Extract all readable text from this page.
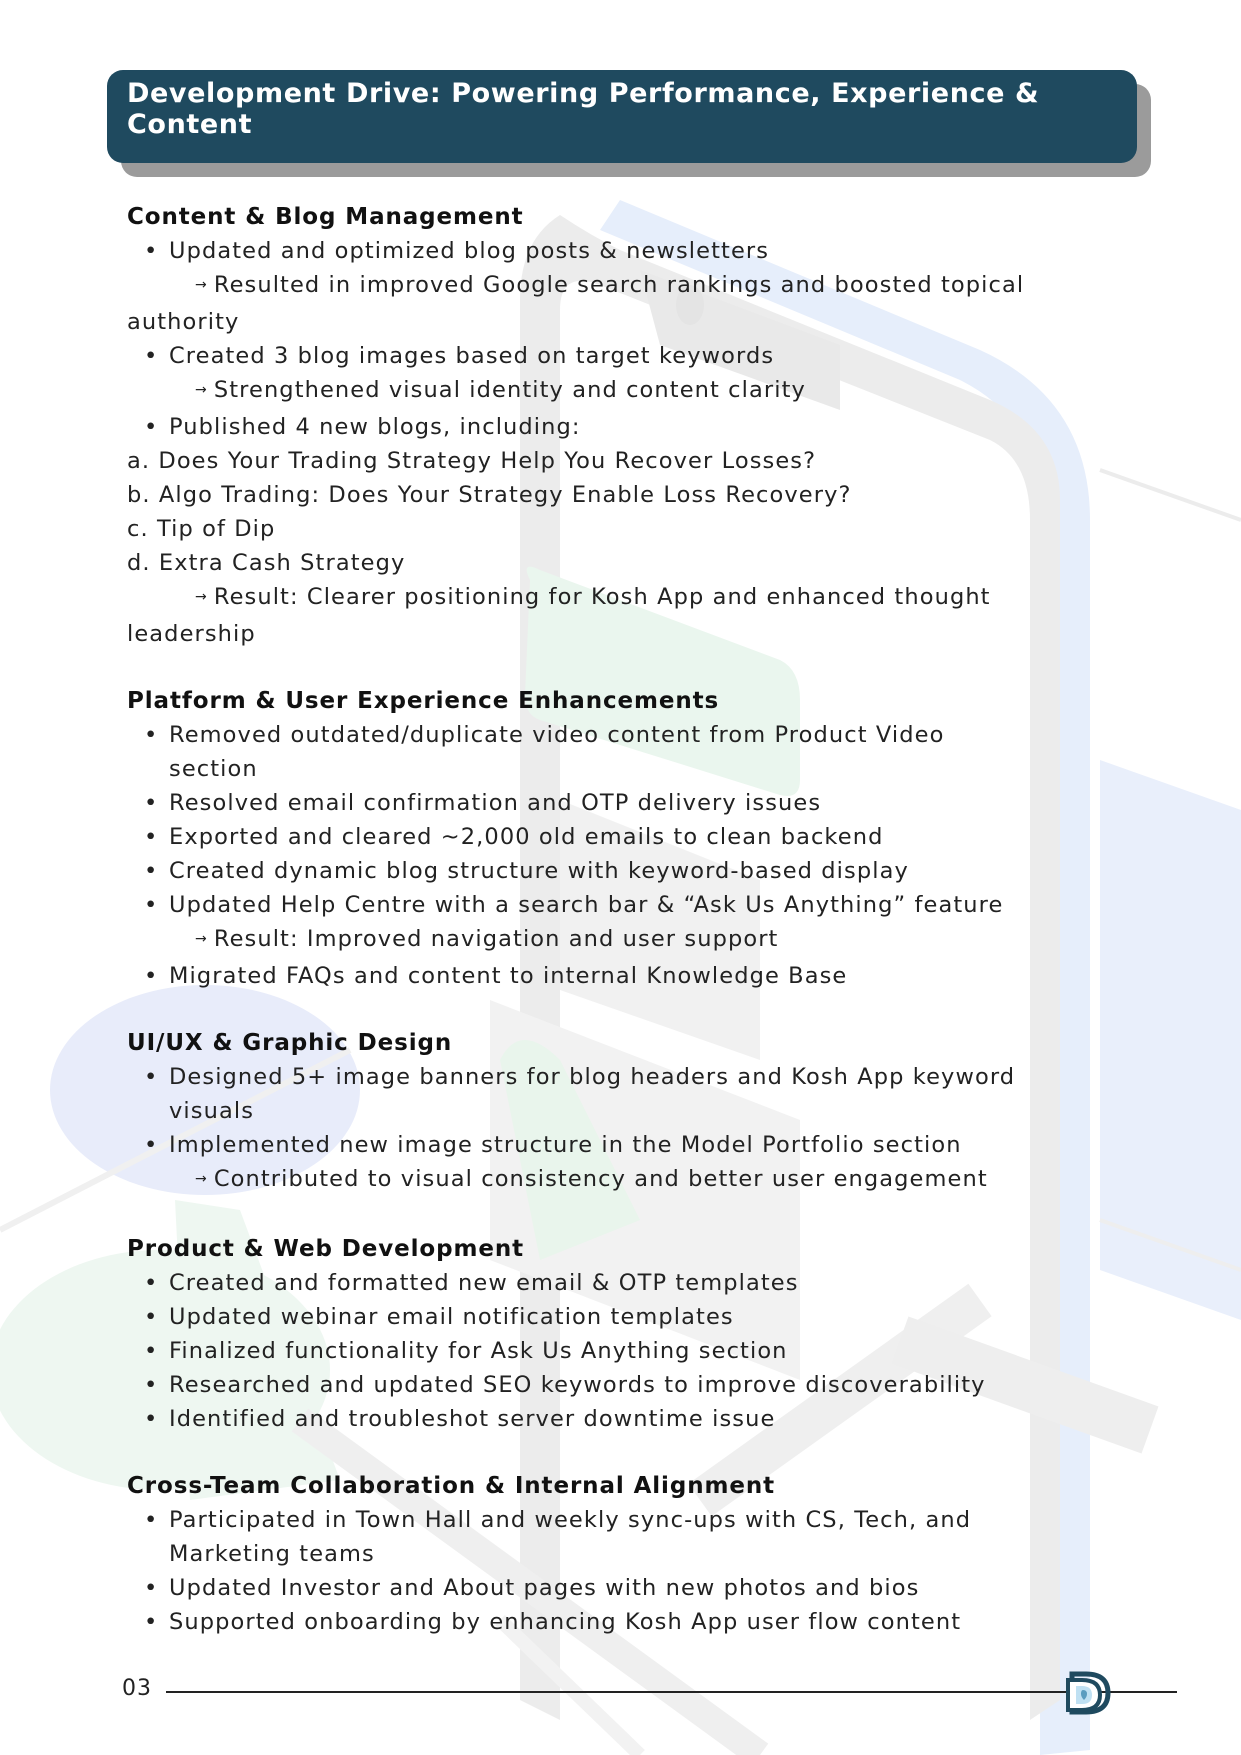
Development Drive: Powering Performance, Experience &
Content
Content & Blog Management

• Updated and optimized blog posts & newsletters

→ Resulted in improved Google search rankings and boosted topical

authority

• Created 3 blog images based on target keywords

→ Strengthened visual identity and content clarity

• Published 4 new blogs, including:

a. Does Your Trading Strategy Help You Recover Losses?

b. Algo Trading: Does Your Strategy Enable Loss Recovery?

c. Tip of Dip

d. Extra Cash Strategy

→ Result: Clearer positioning for Kosh App and enhanced thought

leadership

Platform & User Experience Enhancements

• Removed outdated/duplicate video content from Product Video

section

• Resolved email confirmation and OTP delivery issues

• Exported and cleared ~2,000 old emails to clean backend

• Created dynamic blog structure with keyword-based display

• Updated Help Centre with a search bar & “Ask Us Anything” feature

→ Result: Improved navigation and user support

• Migrated FAQs and content to internal Knowledge Base

UI/UX & Graphic Design

• Designed 5+ image banners for blog headers and Kosh App keyword

visuals

• Implemented new image structure in the Model Portfolio section

→ Contributed to visual consistency and better user engagement

Product & Web Development

• Created and formatted new email & OTP templates

• Updated webinar email notification templates

• Finalized functionality for Ask Us Anything section

• Researched and updated SEO keywords to improve discoverability

• Identified and troubleshot server downtime issue

Cross-Team Collaboration & Internal Alignment

• Participated in Town Hall and weekly sync-ups with CS, Tech, and

Marketing teams

• Updated Investor and About pages with new photos and bios

• Supported onboarding by enhancing Kosh App user flow content

03
